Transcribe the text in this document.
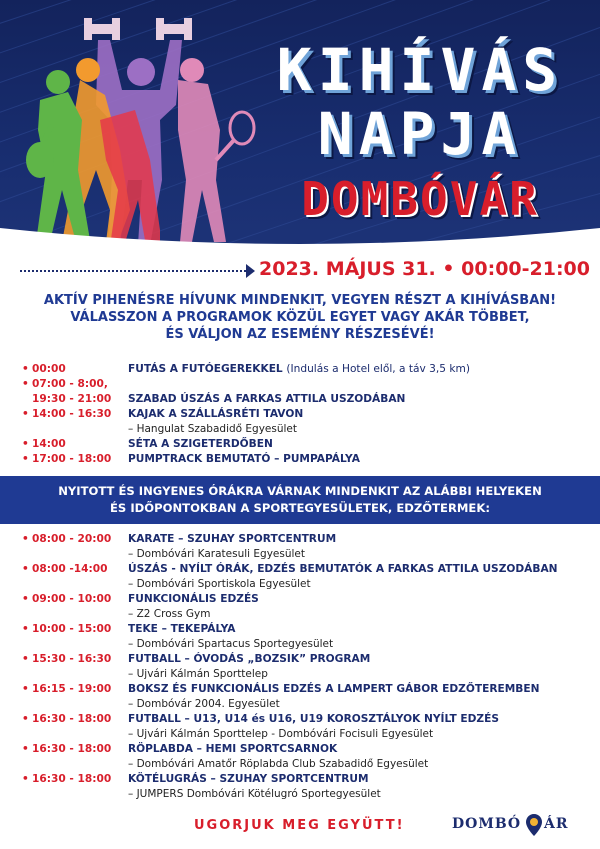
KIHÍVÁS
NAPJA
DOMBÓVÁR
2023. MÁJUS 31. • 00:00-21:00
AKTÍV PIHENÉSRE HÍVUNK MINDENKIT, VEGYEN RÉSZT A KIHÍVÁSBAN!
VÁLASSZON A PROGRAMOK KÖZÜL EGYET VAGY AKÁR TÖBBET,
ÉS VÁLJON AZ ESEMÉNY RÉSZESÉVÉ!
• 00:00	FUTÁS A FUTÓEGEREKKEL (Indulás a Hotel elől, a táv 3,5 km)
• 07:00 - 8:00,
19:30 - 21:00 SZABAD ÚSZÁS A FARKAS ATTILA USZODÁBAN
• 14:00 - 16:30 KAJAK A SZÁLLÁSRÉTI TAVON
– Hangulat Szabadidő Egyesület
• 14:00	SÉTA A SZIGETERDŐBEN
• 17:00 - 18:00 PUMPTRACK BEMUTATÓ – PUMPAPÁLYA
NYITOTT ÉS INGYENES ÓRÁKRA VÁRNAK MINDENKIT AZ ALÁBBI HELYEKEN
ÉS IDŐPONTOKBAN A SPORTEGYESÜLETEK, EDZŐTERMEK:
• 08:00 - 20:00 KARATE – SZUHAY SPORTCENTRUM
– Dombóvári Karatesuli Egyesület
• 08:00 -14:00 ÚSZÁS - NYÍLT ÓRÁK, EDZÉS BEMUTATÓK A FARKAS ATTILA USZODÁBAN
– Dombóvári Sportiskola Egyesület
• 09:00 - 10:00 FUNKCIONÁLIS EDZÉS
– Z2 Cross Gym
• 10:00 - 15:00 TEKE – TEKEPÁLYA
– Dombóvári Spartacus Sportegyesület
• 15:30 - 16:30 FUTBALL – ÓVODÁS „BOZSIK” PROGRAM
– Ujvári Kálmán Sporttelep
• 16:15 - 19:00 BOKSZ ÉS FUNKCIONÁLIS EDZÉS A LAMPERT GÁBOR EDZŐTEREMBEN
– Dombóvár 2004. Egyesület
• 16:30 - 18:00 FUTBALL – U13, U14 és U16, U19 KOROSZTÁLYOK NYÍLT EDZÉS
– Ujvári Kálmán Sporttelep - Dombóvári Focisuli Egyesület
• 16:30 - 18:00 RÖPLABDA – HEMI SPORTCSARNOK
– Dombóvári Amatőr Röplabda Club Szabadidő Egyesület
• 16:30 - 18:00 KÖTÉLUGRÁS – SZUHAY SPORTCENTRUM
– JUMPERS Dombóvári Kötélugró Sportegyesület
UGORJUK MEG EGYÜTT!	DOMBÓ ÁR
